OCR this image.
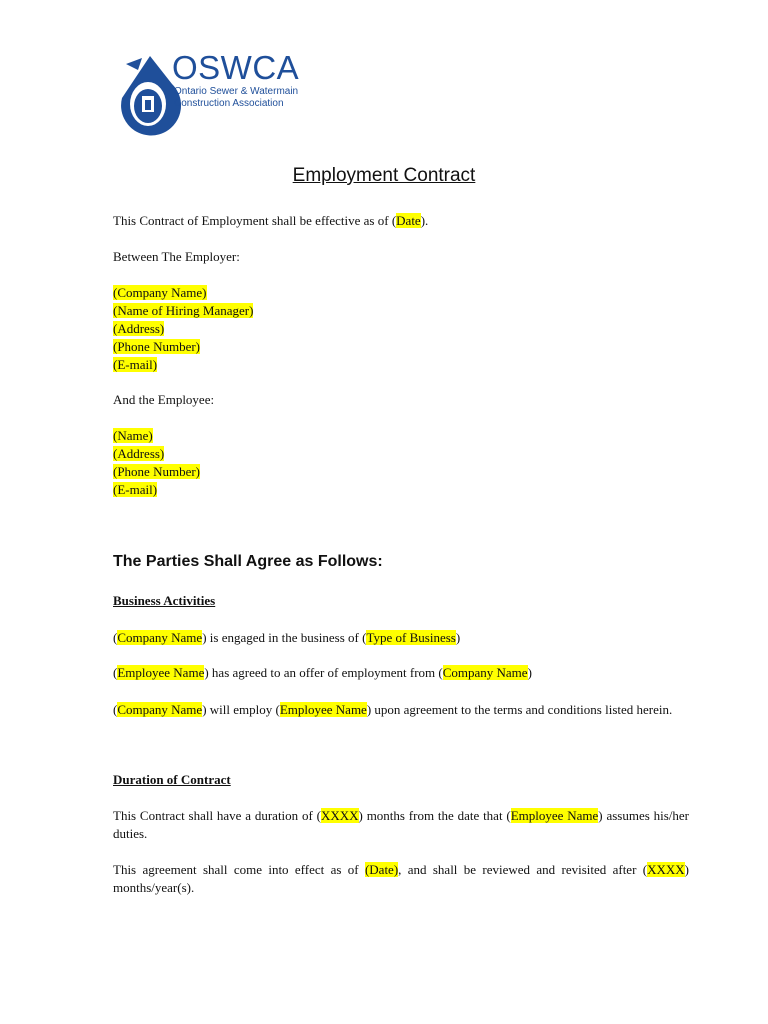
OSWCA
Ontario Sewer & Watermain
Construction Association
Employment Contract
This Contract of Employment shall be effective as of (Date).
Between The Employer:
(Company Name)
(Name of Hiring Manager)
(Address)
(Phone Number)
(E-mail)
And the Employee:
(Name)
(Address)
(Phone Number)
(E-mail)
The Parties Shall Agree as Follows:
Business Activities
(Company Name) is engaged in the business of (Type of Business)
(Employee Name) has agreed to an offer of employment from (Company Name)
(Company Name) will employ (Employee Name) upon agreement to the terms and conditions listed herein.
Duration of Contract
This Contract shall have a duration of (XXXX) months from the date that (Employee Name) assumes his/her duties.
This agreement shall come into effect as of (Date), and shall be reviewed and revisited after (XXXX) months/year(s).
